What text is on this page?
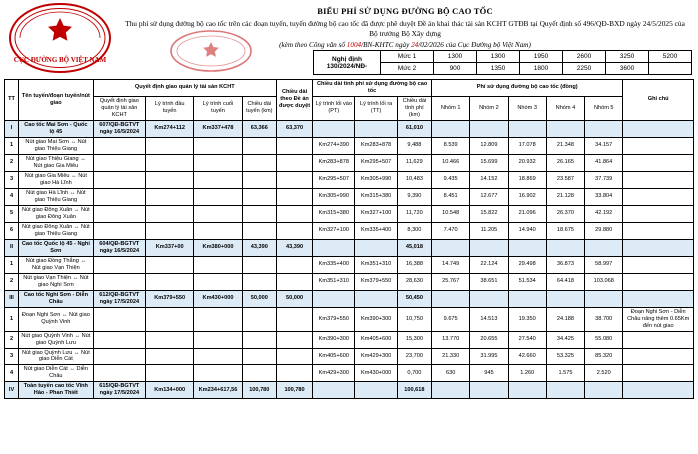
CỤC ĐƯỜNG BỘ VIỆT NAM
BIỂU PHÍ SỬ DỤNG ĐƯỜNG BỘ CAO TỐC
Thu phí sử dụng đường bộ cao tốc trên các đoạn tuyến, tuyến đường bộ cao tốc đã được phê duyệt Đề án khai thác tài sản KCHT GTĐB tại Quyết định số 496/QĐ-BXD ngày 24/5/2025 của Bộ trưởng Bộ Xây dựng
(kèm theo Công văn số 1004/BN-KHTC ngày 24/02/2026 của Cục Đường bộ Việt Nam)
Nghị định
130/2024/NĐ-	Mức 1	1300	1300	1950	2600	3250	5200
	Mức 2	900	1350	1800	2250	3600	
TT	Tên tuyến/đoạn tuyến/nút giao	Quyết định giao quản lý tài sản KCHT				Chiều dài theo Đề án được duyệt	Chiều dài tính phí sử dụng đường bộ cao tốc			Phí sử dụng đường bộ cao tốc (đồng)					Ghi chú
		Quyết định giao quản lý tài sản KCHT	Lý trình đầu tuyến	Lý trình cuối tuyến	Chiều dài tuyến (km)		Lý trình lối vào (PT)	Lý trình lối ra (TT)	Chiều dài tính phí (km)	Nhóm 1	Nhóm 2	Nhóm 3	Nhóm 4	Nhóm 5	

I	Cao tốc Mai Sơn - Quốc lộ 45	607/QĐ-BGTVT ngày 16/5/2024	Km274+112	Km337+478	63,366	63,370			61,010						
1	Nút giao Mai Sơn ↔ Nút giao Thiệu Giang						Km274+390	Km283+878	9,488	8.539	12.809	17.078	21.348	34.157	
2	Nút giao Thiệu Giang ↔ Nút giao Gia Miêu						Km283+878	Km295+507	11,629	10.466	15.699	20.932	26.165	41.864	
3	Nút giao Gia Miêu ↔ Nút giao Hà Lĩnh						Km295+507	Km305+990	10,483	9.435	14.152	18.869	23.587	37.739	
4	Nút giao Hà Lĩnh ↔ Nút giao Thiệu Giang						Km305+990	Km315+380	9,390	8.451	12.677	16.902	21.128	33.804	
5	Nút giao Đông Xuân ↔ Nút giao Đông Xuân						Km315+380	Km327+100	11,720	10.548	15.822	21.096	26.370	42.192	
6	Nút giao Đông Xuân ↔ Nút giao Thiệu Giang						Km327+100	Km335+400	8,300	7.470	11.205	14.940	18.675	29.880	
II	Cao tốc Quốc lộ 45 - Nghi Sơn	604/QĐ-BGTVT ngày 16/5/2024	Km337+00	Km380+000	43,390	43,390			45,018						
1	Nút giao Đồng Thắng ↔ Nút giao Vạn Thiện						Km335+400	Km351+310	16,388	14.749	22.124	29.498	36.873	58.997	
2	Nút giao Vạn Thiện ↔ Nút giao Nghi Sơn						Km351+310	Km379+550	28,630	25.767	38.651	51.534	64.418	103.068	
III	Cao tốc Nghi Sơn - Diễn Châu	612/QĐ-BGTVT ngày 17/5/2024	Km379+550	Km430+000	50,000	50,000			50,450						
1	Đoạn Nghi Sơn ↔ Nút giao Quỳnh Vinh						Km379+550	Km390+300	10,750	9.675	14.513	19.350	24.188	38.700	Đoạn Nghi Sơn - Diễn Châu nâng thêm 0.65Km đến nút giao
2	Nút giao Quỳnh Vinh ↔ Nút giao Quỳnh Lưu						Km390+300	Km405+600	15,300	13.770	20.655	27.540	34.425	55.080	
3	Nút giao Quỳnh Lưu ↔ Nút giao Diễn Cát						Km405+600	Km429+300	23,700	21.330	31.995	42.660	53.325	85.320	
4	Nút giao Diễn Cát ↔ Diễn Châu						Km429+300	Km430+000	0,700	630	945	1.260	1.575	2.520	
IV	Toàn tuyến cao tốc Vĩnh Hảo - Phan Thiết	615/QĐ-BGTVT ngày 17/5/2024	Km134+000	Km234+617,56	100,780	100,780			100,618						
